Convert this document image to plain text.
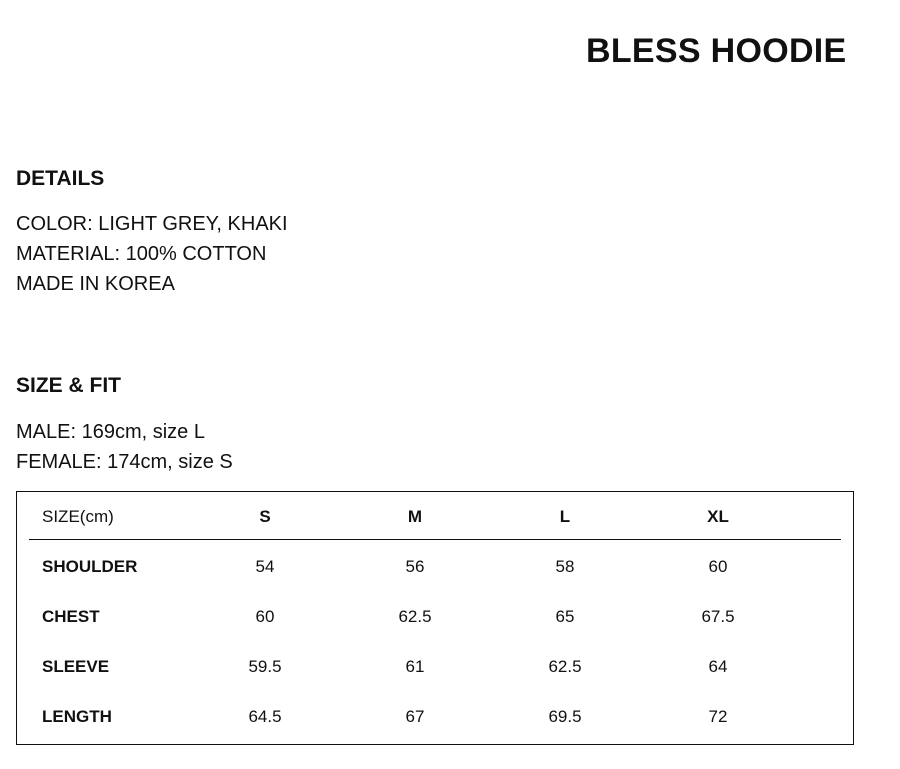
BLESS HOODIE
DETAILS
COLOR: LIGHT GREY, KHAKI
MATERIAL: 100% COTTON
MADE IN KOREA
SIZE & FIT
MALE: 169cm, size L
FEMALE: 174cm, size S
SIZE(cm)	S	M	L	XL
SHOULDER	54	56	58	60
CHEST	60	62.5	65	67.5
SLEEVE	59.5	61	62.5	64
LENGTH	64.5	67	69.5	72
